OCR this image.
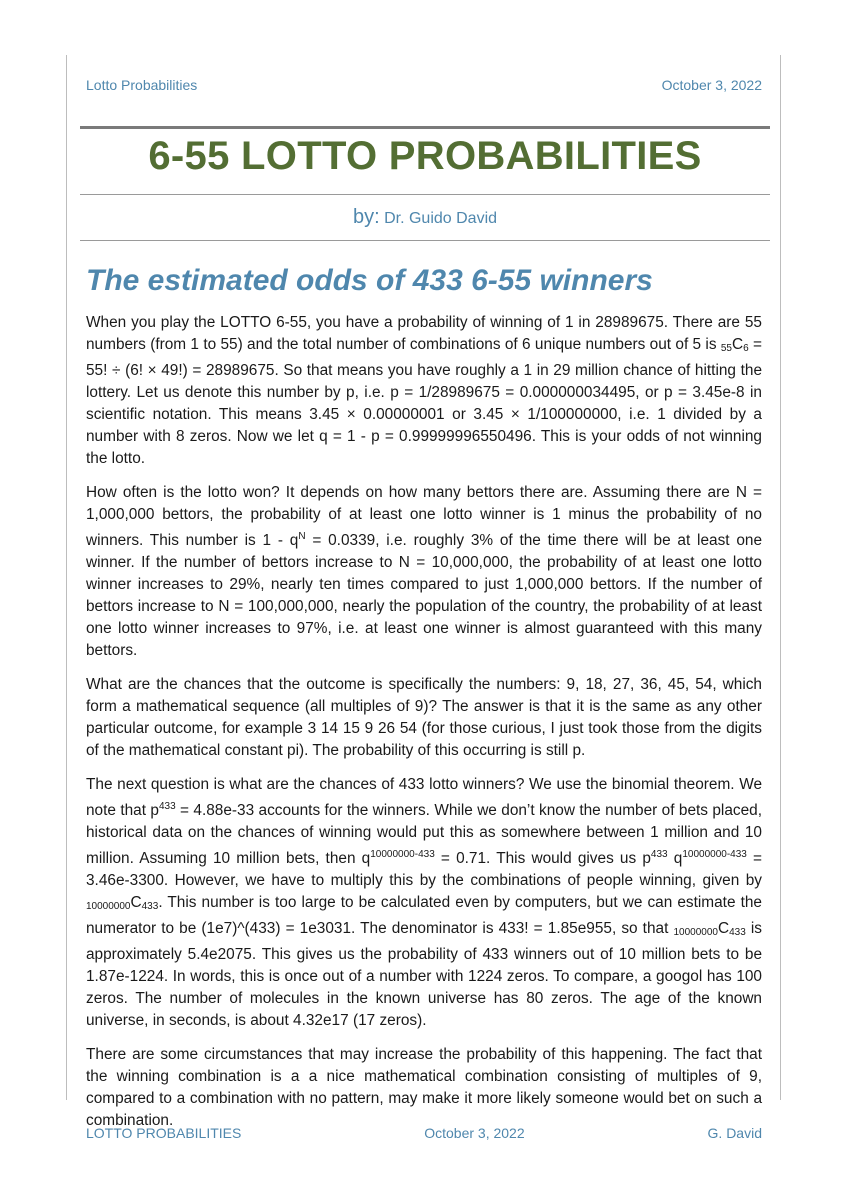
Lotto Probabilities	October 3, 2022
6-55 LOTTO PROBABILITIES
by: Dr. Guido David
The estimated odds of 433 6-55 winners

When you play the LOTTO 6-55, you have a probability of winning of 1 in 28989675. There are 55 numbers (from 1 to 55) and the total number of combinations of 6 unique numbers out of 5 is 55C6 = 55! ÷ (6! × 49!) = 28989675. So that means you have roughly a 1 in 29 million chance of hitting the lottery. Let us denote this number by p, i.e. p = 1/28989675 = 0.000000034495, or p = 3.45e-8 in scientific notation. This means 3.45 × 0.00000001 or 3.45 × 1/100000000, i.e. 1 divided by a number with 8 zeros. Now we let q = 1 - p = 0.99999996550496. This is your odds of not winning the lotto.

How often is the lotto won? It depends on how many bettors there are. Assuming there are N = 1,000,000 bettors, the probability of at least one lotto winner is 1 minus the probability of no winners. This number is $1 - q^N = 0.0339$, i.e. roughly 3% of the time there will be at least one winner. If the number of bettors increase to N = 10,000,000, the probability of at least one lotto winner increases to 29%, nearly ten times compared to just 1,000,000 bettors. If the number of bettors increase to N = 100,000,000, nearly the population of the country, the probability of at least one lotto winner increases to 97%, i.e. at least one winner is almost guaranteed with this many bettors.

What are the chances that the outcome is specifically the numbers: 9, 18, 27, 36, 45, 54, which form a mathematical sequence (all multiples of 9)? The answer is that it is the same as any other particular outcome, for example 3 14 15 9 26 54 (for those curious, I just took those from the digits of the mathematical constant pi). The probability of this occurring is still p.

The next question is what are the chances of 433 lotto winners? We use the binomial theorem. We note that $p^{433} = 4.88e-33$ accounts for the winners. While we don’t know the number of bets placed, historical data on the chances of winning would put this as somewhere between 1 million and 10 million. Assuming 10 million bets, then $q^{10000000-433} = 0.71$. This would gives us $p^{433}$ $q^{10000000-433} = 3.46e-3300$. However, we have to multiply this by the combinations of people winning, given by 10000000C433. This number is too large to be calculated even by computers, but we can estimate the numerator to be (1e7)^(433) = 1e3031. The denominator is 433! = 1.85e955, so that 10000000C433 is approximately 5.4e2075. This gives us the probability of 433 winners out of 10 million bets to be 1.87e-1224. In words, this is once out of a number with 1224 zeros. To compare, a googol has 100 zeros. The number of molecules in the known universe has 80 zeros. The age of the known universe, in seconds, is about 4.32e17 (17 zeros).

There are some circumstances that may increase the probability of this happening. The fact that the winning combination is a a nice mathematical combination consisting of multiples of 9, compared to a combination with no pattern, may make it more likely someone would bet on such a combination.

LOTTO PROBABILITIES	October 3, 2022	G. David
